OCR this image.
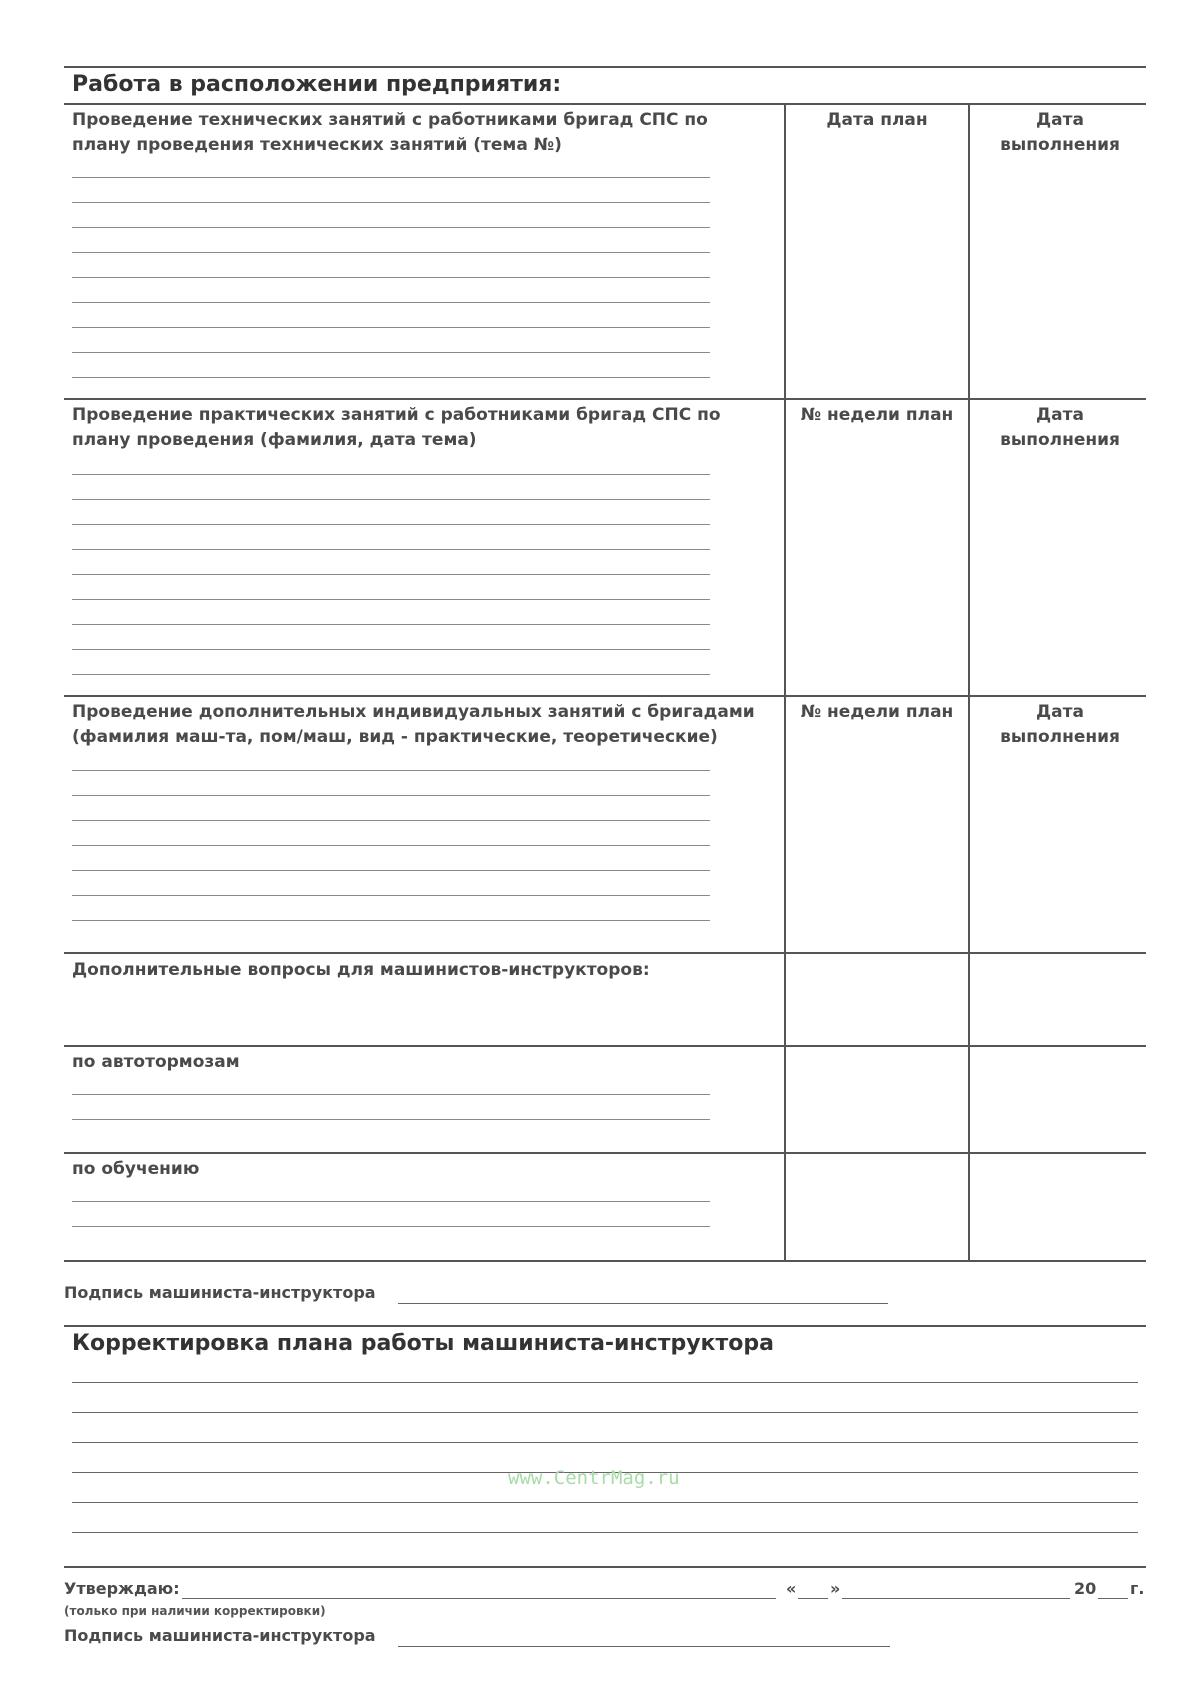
Работа в расположении предприятия:
Проведение технических занятий с работниками бригад СПС по плану проведения технических занятий (тема №)
Дата план	Дата выполнения
Проведение практических занятий с работниками бригад СПС по плану проведения (фамилия, дата тема)
№ недели план	Дата выполнения
Проведение дополнительных индивидуальных занятий с бригадами (фамилия маш-та, пом/маш, вид - практические, теоретические)
№ недели план	Дата выполнения
Дополнительные вопросы для машинистов-инструкторов:
по автотормозам
по обучению
Подпись машиниста-инструктора
Корректировка плана работы машиниста-инструктора
www.CentrMag.ru
Утверждаю:	« »	20 г.
(только при наличии корректировки)
Подпись машиниста-инструктора
